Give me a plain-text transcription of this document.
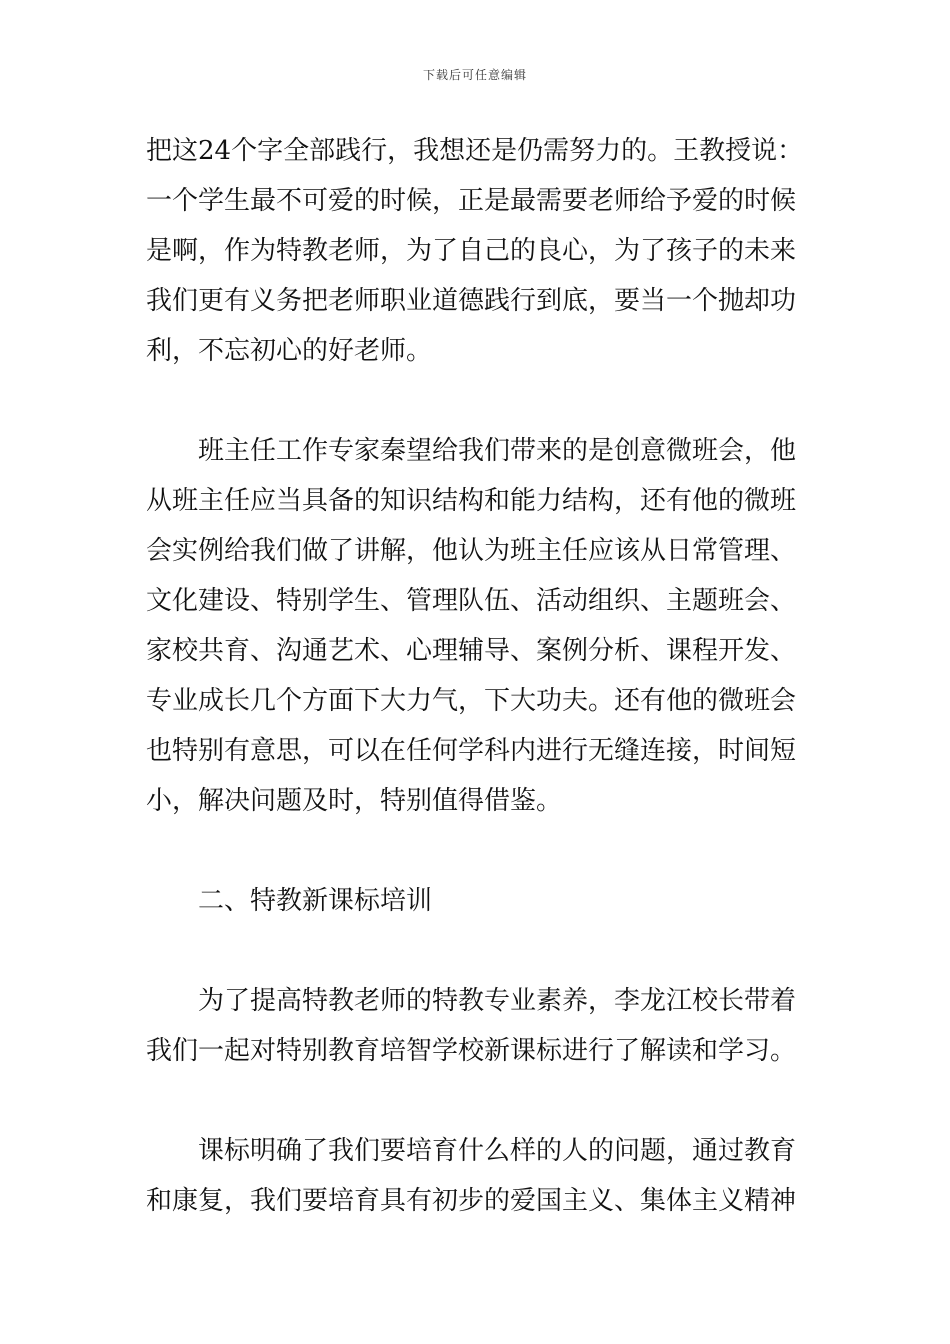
下载后可任意编辑
把这24个字全部践行，我想还是仍需努力的。王教授说：
一个学生最不可爱的时候，正是最需要老师给予爱的时候
是啊，作为特教老师，为了自己的良心，为了孩子的未来
我们更有义务把老师职业道德践行到底，要当一个抛却功
利，不忘初心的好老师。
班主任工作专家秦望给我们带来的是创意微班会，他
从班主任应当具备的知识结构和能力结构，还有他的微班
会实例给我们做了讲解，他认为班主任应该从日常管理、
文化建设、特别学生、管理队伍、活动组织、主题班会、
家校共育、沟通艺术、心理辅导、案例分析、课程开发、
专业成长几个方面下大力气，下大功夫。还有他的微班会
也特别有意思，可以在任何学科内进行无缝连接，时间短
小，解决问题及时，特别值得借鉴。
二、特教新课标培训
为了提高特教老师的特教专业素养，李龙江校长带着
我们一起对特别教育培智学校新课标进行了解读和学习。
课标明确了我们要培育什么样的人的问题，通过教育
和康复，我们要培育具有初步的爱国主义、集体主义精神
